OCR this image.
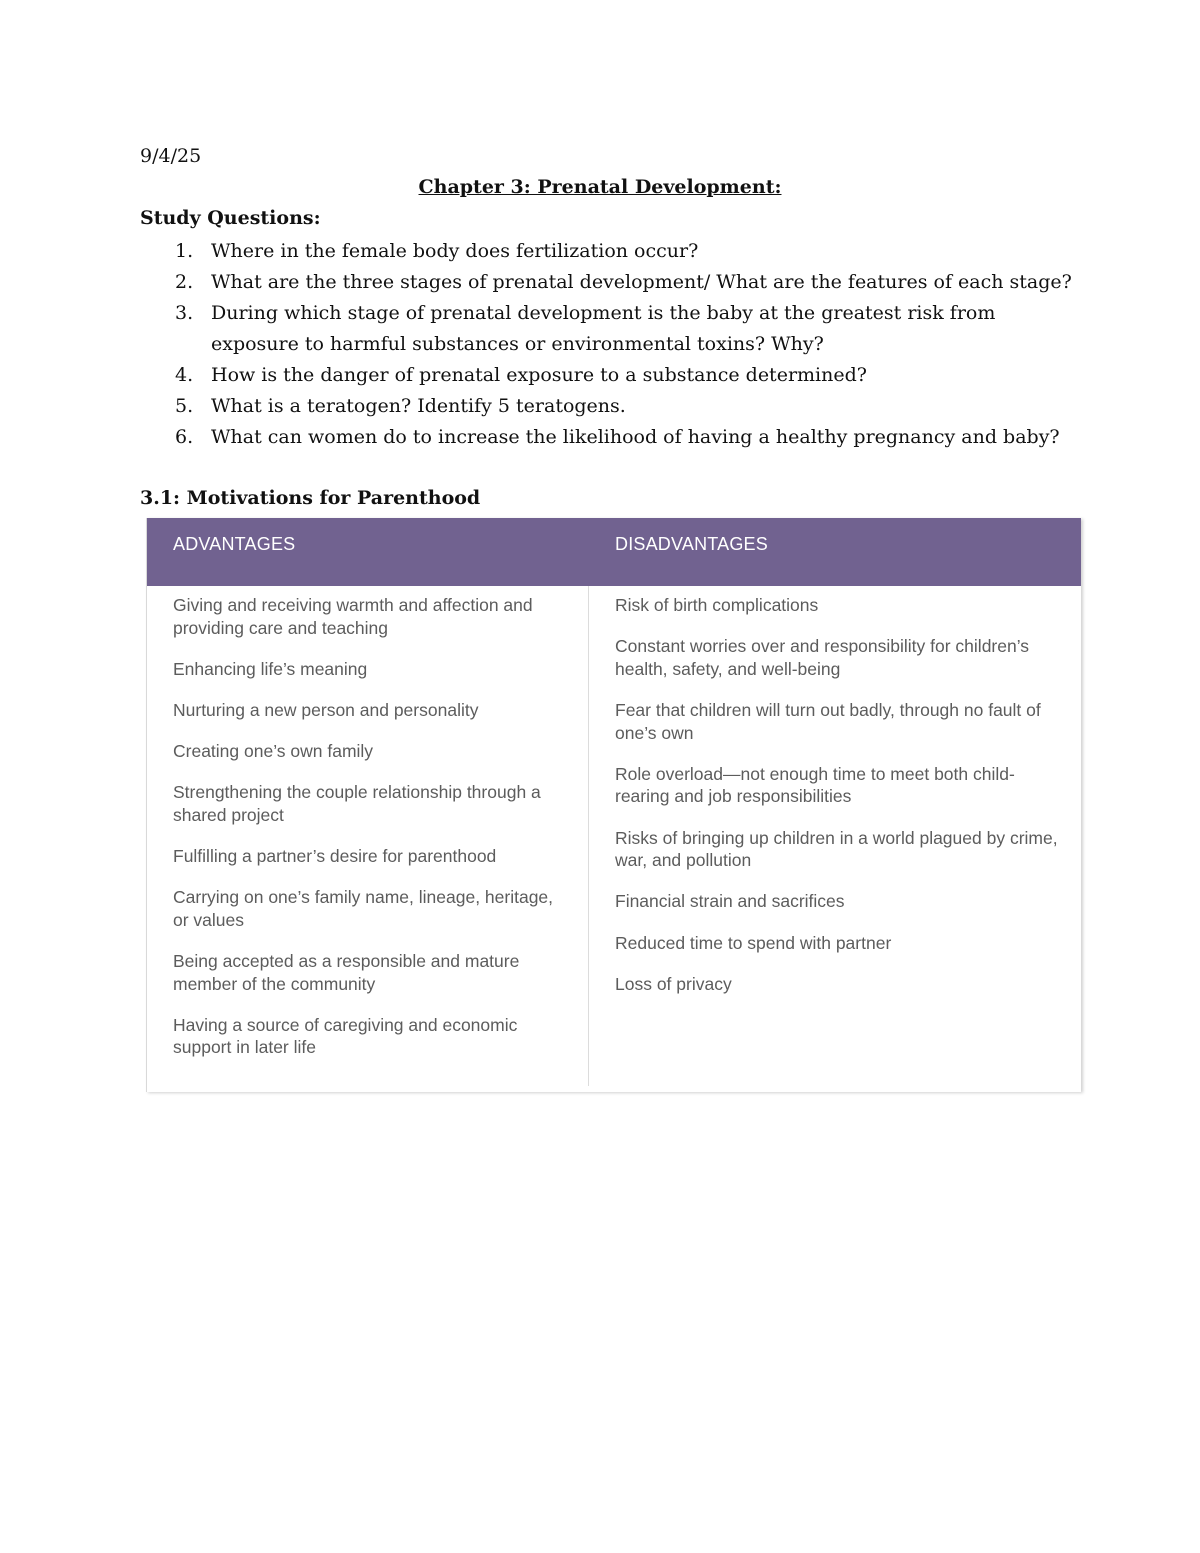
9/4/25
Chapter 3: Prenatal Development:
Study Questions:
1. Where in the female body does fertilization occur?
2. What are the three stages of prenatal development/ What are the features of each stage?
3. During which stage of prenatal development is the baby at the greatest risk from exposure to harmful substances or environmental toxins? Why?
4. How is the danger of prenatal exposure to a substance determined?
5. What is a teratogen? Identify 5 teratogens.
6. What can women do to increase the likelihood of having a healthy pregnancy and baby?
3.1: Motivations for Parenthood
ADVANTAGES	DISADVANTAGES
Giving and receiving warmth and affection and providing care and teaching
Enhancing life’s meaning
Nurturing a new person and personality
Creating one’s own family
Strengthening the couple relationship through a shared project
Fulfilling a partner’s desire for parenthood
Carrying on one’s family name, lineage, heritage, or values
Being accepted as a responsible and mature member of the community
Having a source of caregiving and economic support in later life
Risk of birth complications
Constant worries over and responsibility for children’s health, safety, and well-being
Fear that children will turn out badly, through no fault of one’s own
Role overload—not enough time to meet both child-rearing and job responsibilities
Risks of bringing up children in a world plagued by crime, war, and pollution
Financial strain and sacrifices
Reduced time to spend with partner
Loss of privacy
